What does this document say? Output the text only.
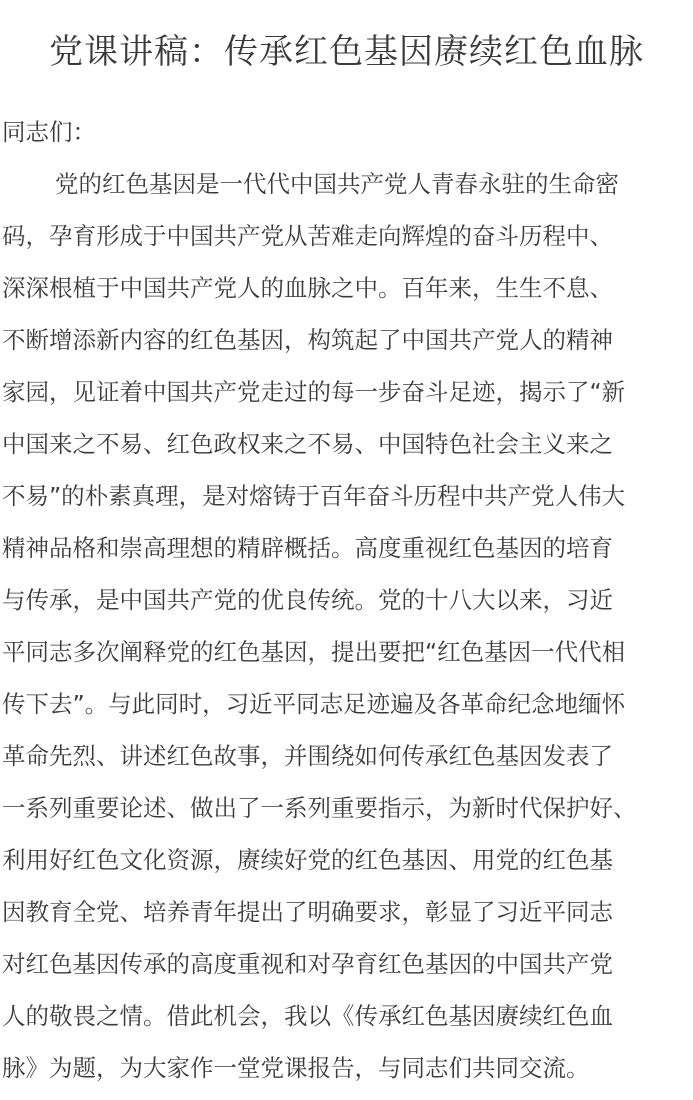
党课讲稿：传承红色基因赓续红色血脉
同志们：
党的红色基因是一代代中国共产党人青春永驻的生命密
码，孕育形成于中国共产党从苦难走向辉煌的奋斗历程中、
深深根植于中国共产党人的血脉之中。百年来，生生不息、
不断增添新内容的红色基因，构筑起了中国共产党人的精神
家园，见证着中国共产党走过的每一步奋斗足迹，揭示了“新
中国来之不易、红色政权来之不易、中国特色社会主义来之
不易”的朴素真理，是对熔铸于百年奋斗历程中共产党人伟大
精神品格和崇高理想的精辟概括。高度重视红色基因的培育
与传承，是中国共产党的优良传统。党的十八大以来，习近
平同志多次阐释党的红色基因，提出要把“红色基因一代代相
传下去”。与此同时，习近平同志足迹遍及各革命纪念地缅怀
革命先烈、讲述红色故事，并围绕如何传承红色基因发表了
一系列重要论述、做出了一系列重要指示，为新时代保护好、
利用好红色文化资源，赓续好党的红色基因、用党的红色基
因教育全党、培养青年提出了明确要求，彰显了习近平同志
对红色基因传承的高度重视和对孕育红色基因的中国共产党
人的敬畏之情。借此机会，我以《传承红色基因赓续红色血
脉》为题，为大家作一堂党课报告，与同志们共同交流。
